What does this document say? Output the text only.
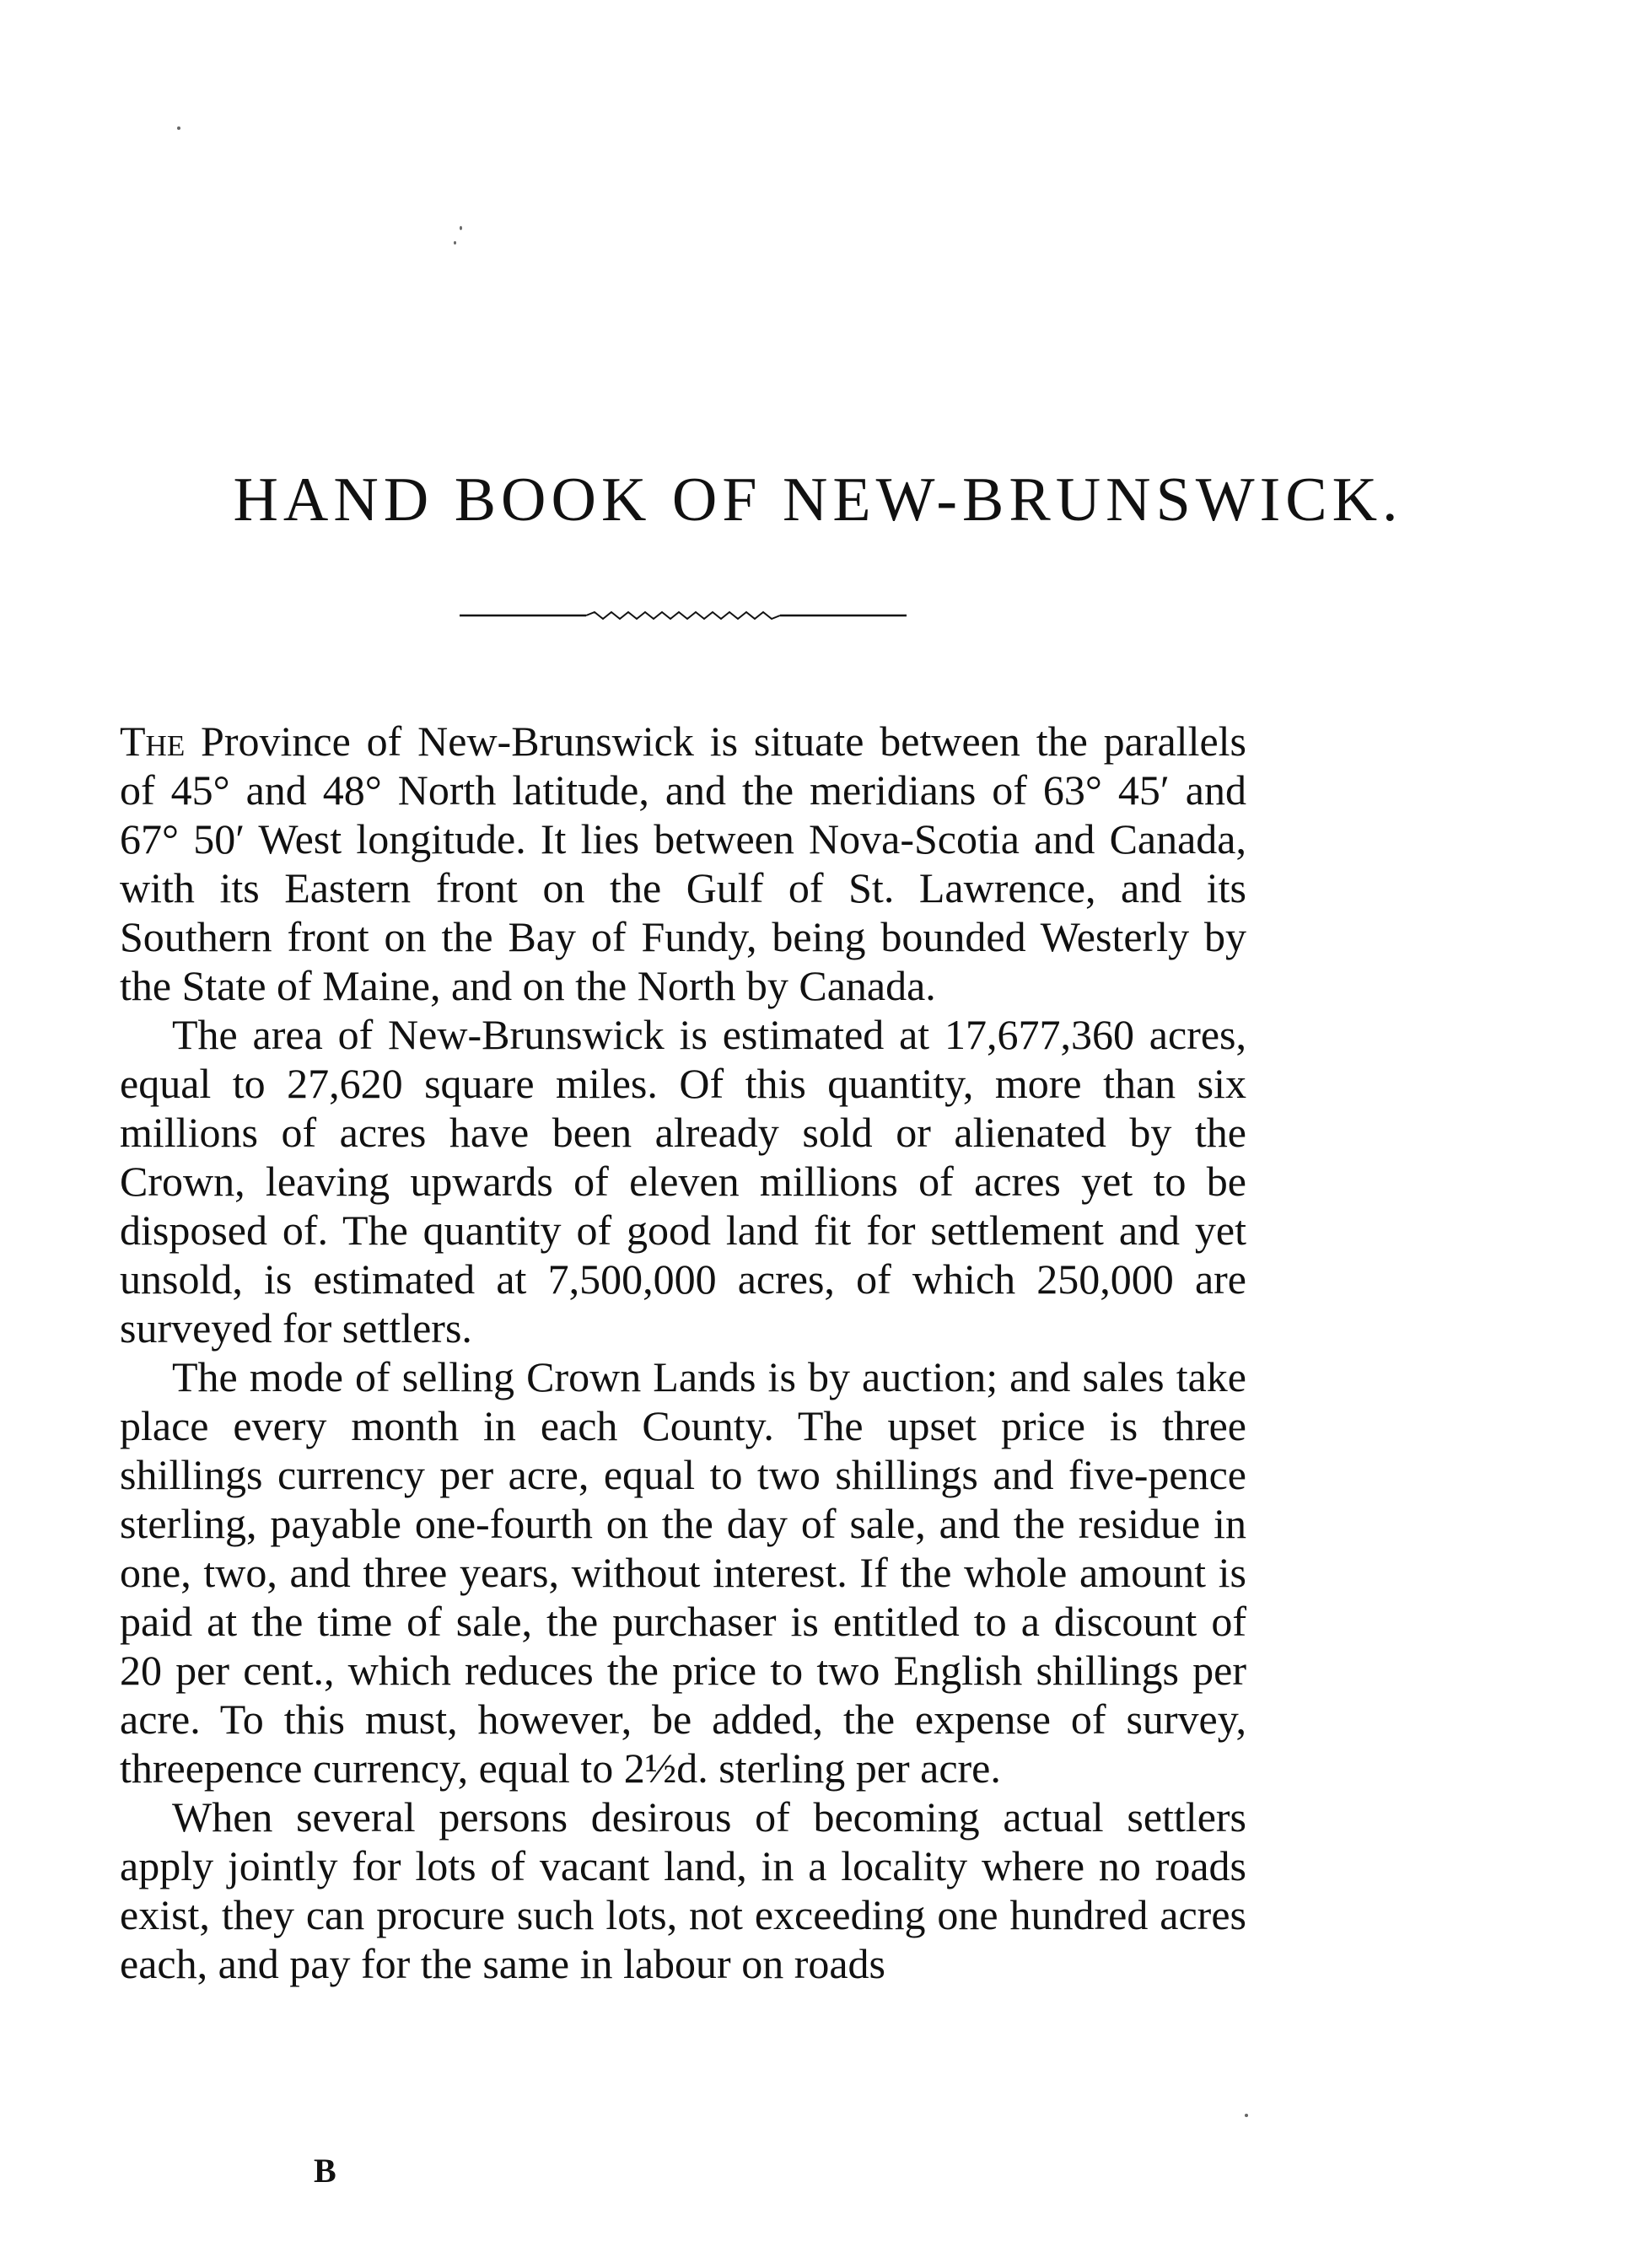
HAND BOOK OF NEW-BRUNSWICK.

The Province of New-Brunswick is situate between the parallels of 45° and 48° North latitude, and the meridians of 63° 45′ and 67° 50′ West longitude. It lies between Nova-Scotia and Canada, with its Eastern front on the Gulf of St. Lawrence, and its Southern front on the Bay of Fundy, being bounded Westerly by the State of Maine, and on the North by Canada.

The area of New-Brunswick is estimated at 17,677,360 acres, equal to 27,620 square miles. Of this quantity, more than six millions of acres have been already sold or alienated by the Crown, leaving upwards of eleven millions of acres yet to be disposed of. The quantity of good land fit for settlement and yet unsold, is estimated at 7,500,000 acres, of which 250,000 are surveyed for settlers.

The mode of selling Crown Lands is by auction; and sales take place every month in each County. The upset price is three shillings currency per acre, equal to two shillings and five-pence sterling, payable one-fourth on the day of sale, and the residue in one, two, and three years, without interest. If the whole amount is paid at the time of sale, the purchaser is entitled to a discount of 20 per cent., which reduces the price to two English shillings per acre. To this must, however, be added, the expense of survey, threepence currency, equal to 2½d. sterling per acre.

When several persons desirous of becoming actual settlers apply jointly for lots of vacant land, in a locality where no roads exist, they can procure such lots, not exceeding one hundred acres each, and pay for the same in labour on roads

B
